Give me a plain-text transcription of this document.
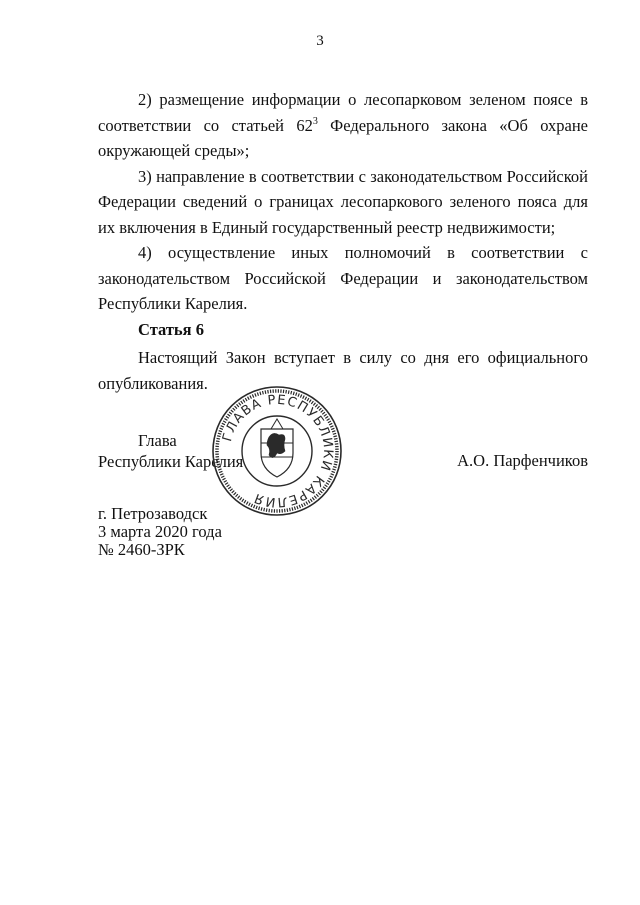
3

2) размещение информации о лесопарковом зеленом поясе в соответствии со статьей $62^3$ Федерального закона «Об охране окружающей среды»;

3) направление в соответствии с законодательством Российской Федерации сведений о границах лесопаркового зеленого пояса для их включения в Единый государственный реестр недвижимости;

4) осуществление иных полномочий в соответствии с законодательством Российской Федерации и законодательством Республики Карелия.

Статья 6
Настоящий Закон вступает в силу со дня его официального опубликования.
Глава
Республики Карелия	А.О. Парфенчиков
г. Петрозаводск
3 марта 2020 года
№ 2460-ЗРК
ГЛАВА РЕСПУБЛИКИ КАРЕЛИЯ
